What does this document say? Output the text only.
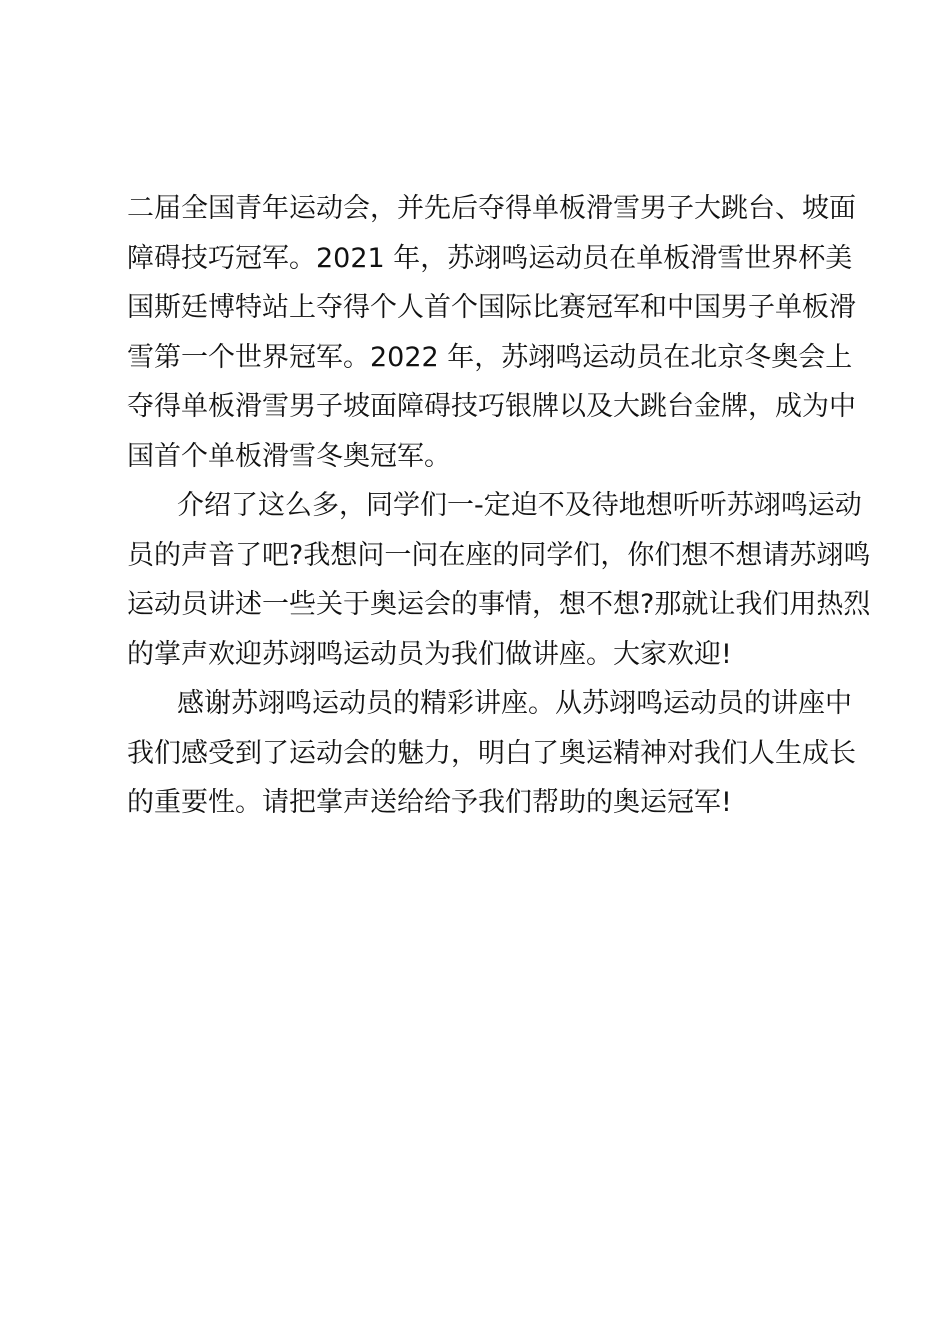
二届全国青年运动会，并先后夺得单板滑雪男子大跳台、坡面
障碍技巧冠军。2021 年，苏翊鸣运动员在单板滑雪世界杯美
国斯廷博特站上夺得个人首个国际比赛冠军和中国男子单板滑
雪第一个世界冠军。2022 年，苏翊鸣运动员在北京冬奥会上
夺得单板滑雪男子坡面障碍技巧银牌以及大跳台金牌，成为中
国首个单板滑雪冬奥冠军。
介绍了这么多，同学们一-定迫不及待地想听听苏翊鸣运动
员的声音了吧?我想问一问在座的同学们，你们想不想请苏翊鸣
运动员讲述一些关于奥运会的事情，想不想?那就让我们用热烈
的掌声欢迎苏翊鸣运动员为我们做讲座。大家欢迎!
感谢苏翊鸣运动员的精彩讲座。从苏翊鸣运动员的讲座中
我们感受到了运动会的魅力，明白了奥运精神对我们人生成长
的重要性。请把掌声送给给予我们帮助的奥运冠军!
